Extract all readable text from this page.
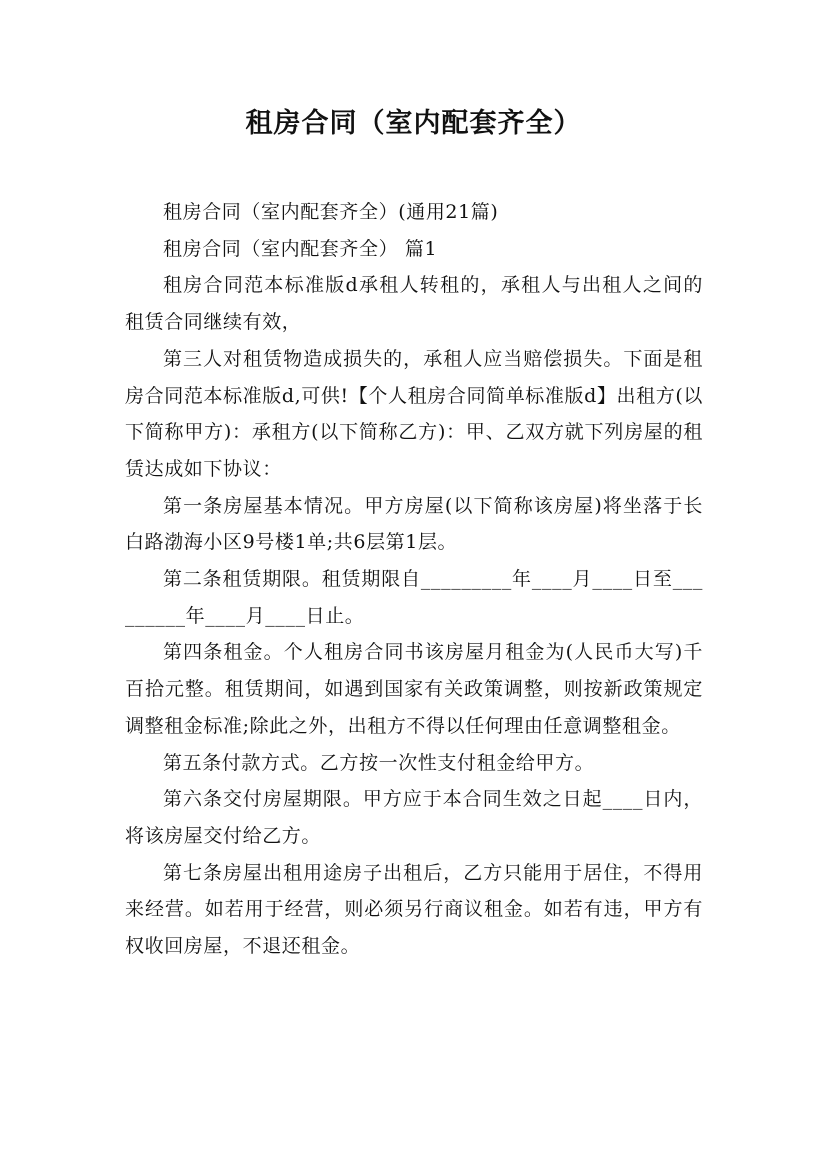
租房合同（室内配套齐全）

租房合同（室内配套齐全）(通用21篇)

租房合同（室内配套齐全） 篇1

租房合同范本标准版d承租人转租的，承租人与出租人之间的租赁合同继续有效，

第三人对租赁物造成损失的，承租人应当赔偿损失。下面是租房合同范本标准版d,可供!【个人租房合同简单标准版d】出租方(以下简称甲方)：承租方(以下简称乙方)：甲、乙双方就下列房屋的租赁达成如下协议：

第一条房屋基本情况。甲方房屋(以下简称该房屋)将坐落于长白路渤海小区9号楼1单;共6层第1层。

第二条租赁期限。租赁期限自_________年____月____日至_________年____月____日止。

第四条租金。个人租房合同书该房屋月租金为(人民币大写)千百拾元整。租赁期间，如遇到国家有关政策调整，则按新政策规定调整租金标准;除此之外，出租方不得以任何理由任意调整租金。

第五条付款方式。乙方按一次性支付租金给甲方。

第六条交付房屋期限。甲方应于本合同生效之日起____日内，将该房屋交付给乙方。

第七条房屋出租用途房子出租后，乙方只能用于居住，不得用来经营。如若用于经营，则必须另行商议租金。如若有违，甲方有权收回房屋，不退还租金。
